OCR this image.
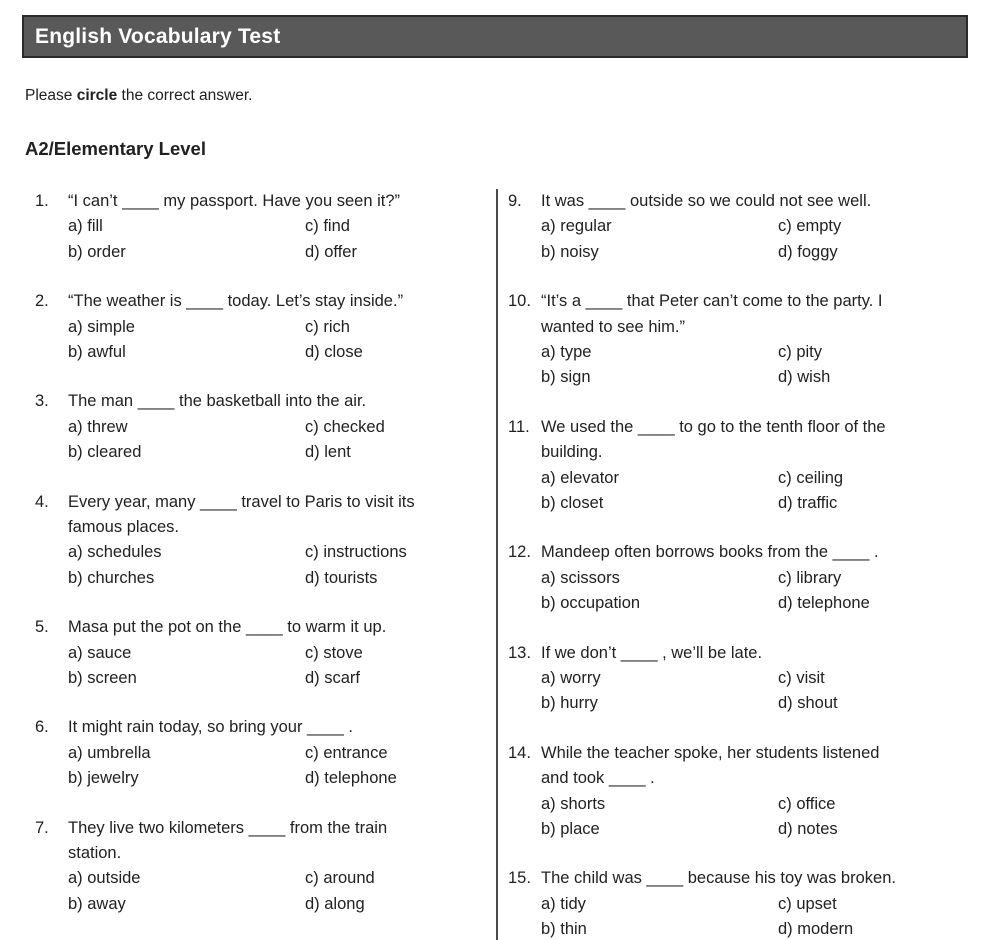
English Vocabulary Test
Please circle the correct answer.
A2/Elementary Level
1.	“I can’t ____ my passport. Have you seen it?”
a) fill
b) order
c) find
d) offer
2.	“The weather is ____ today. Let’s stay inside.”
a) simple
b) awful
c) rich
d) close
3.	The man ____ the basketball into the air.
a) threw
b) cleared
c) checked
d) lent
4.	Every year, many ____ travel to Paris to visit its
famous places.
a) schedules
b) churches
c) instructions
d) tourists
5.	Masa put the pot on the ____ to warm it up.
a) sauce
b) screen
c) stove
d) scarf
6.	It might rain today, so bring your ____ .
a) umbrella
b) jewelry
c) entrance
d) telephone
7.	They live two kilometers ____ from the train
station.
a) outside
b) away
c) around
d) along
9.	It was ____ outside so we could not see well.
a) regular
b) noisy
c) empty
d) foggy
10. “It’s a ____ that Peter can’t come to the party. I
wanted to see him.”
a) type
b) sign
c) pity
d) wish
11. We used the ____ to go to the tenth floor of the
building.
a) elevator
b) closet
c) ceiling
d) traffic
12. Mandeep often borrows books from the ____ .
a) scissors
b) occupation
c) library
d) telephone
13. If we don’t ____ , we’ll be late.
a) worry
b) hurry
c) visit
d) shout
14. While the teacher spoke, her students listened
and took ____ .
a) shorts
b) place
c) office
d) notes
15. The child was ____ because his toy was broken.
a) tidy
b) thin
c) upset
d) modern
